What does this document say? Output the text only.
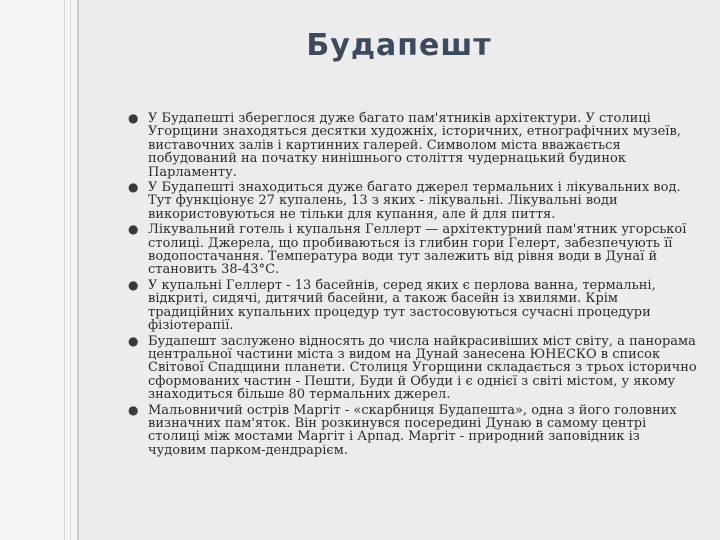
Будапешт
● У Будапешті збереглося дуже багато пам'ятників архітектури. У столиці Угорщини знаходяться десятки художніх, історичних, етнографічних музеїв, виставочних залів і картинних галерей. Символом міста вважається побудований на початку нинішнього століття чудернацький будинок Парламенту.
● У Будапешті знаходиться дуже багато джерел термальних і лікувальних вод. Тут функціонує 27 купалень, 13 з яких - лікувальні. Лікувальні води використовуються не тільки для купання, але й для пиття.
● Лікувальний готель і купальня Геллерт — архітектурний пам'ятник угорської столиці. Джерела, що пробиваються із глибин гори Гелерт, забезпечують її водопостачання. Температура води тут залежить від рівня води в Дунаї й становить 38-43°С.
● У купальні Геллерт - 13 басейнів, серед яких є перлова ванна, термальні, відкриті, сидячі, дитячий басейни, а також басейн із хвилями. Крім традиційних купальних процедур тут застосовуються сучасні процедури фізіотерапії.
● Будапешт заслужено відносять до числа найкрасивіших міст світу, а панорама центральної частини міста з видом на Дунай занесена ЮНЕСКО в список Світової Спадщини планети. Столиця Угорщини складається з трьох історично сформованих частин - Пешти, Буди й Обуди і є однієї з світі містом, у якому знаходиться більше 80 термальних джерел.
● Мальовничий острів Маргіт - «скарбниця Будапешта», одна з його головних визначних пам'яток. Він розкинувся посередині Дунаю в самому центрі столиці між мостами Маргіт і Арпад. Маргіт - природний заповідник із чудовим парком-дендрарієм.
